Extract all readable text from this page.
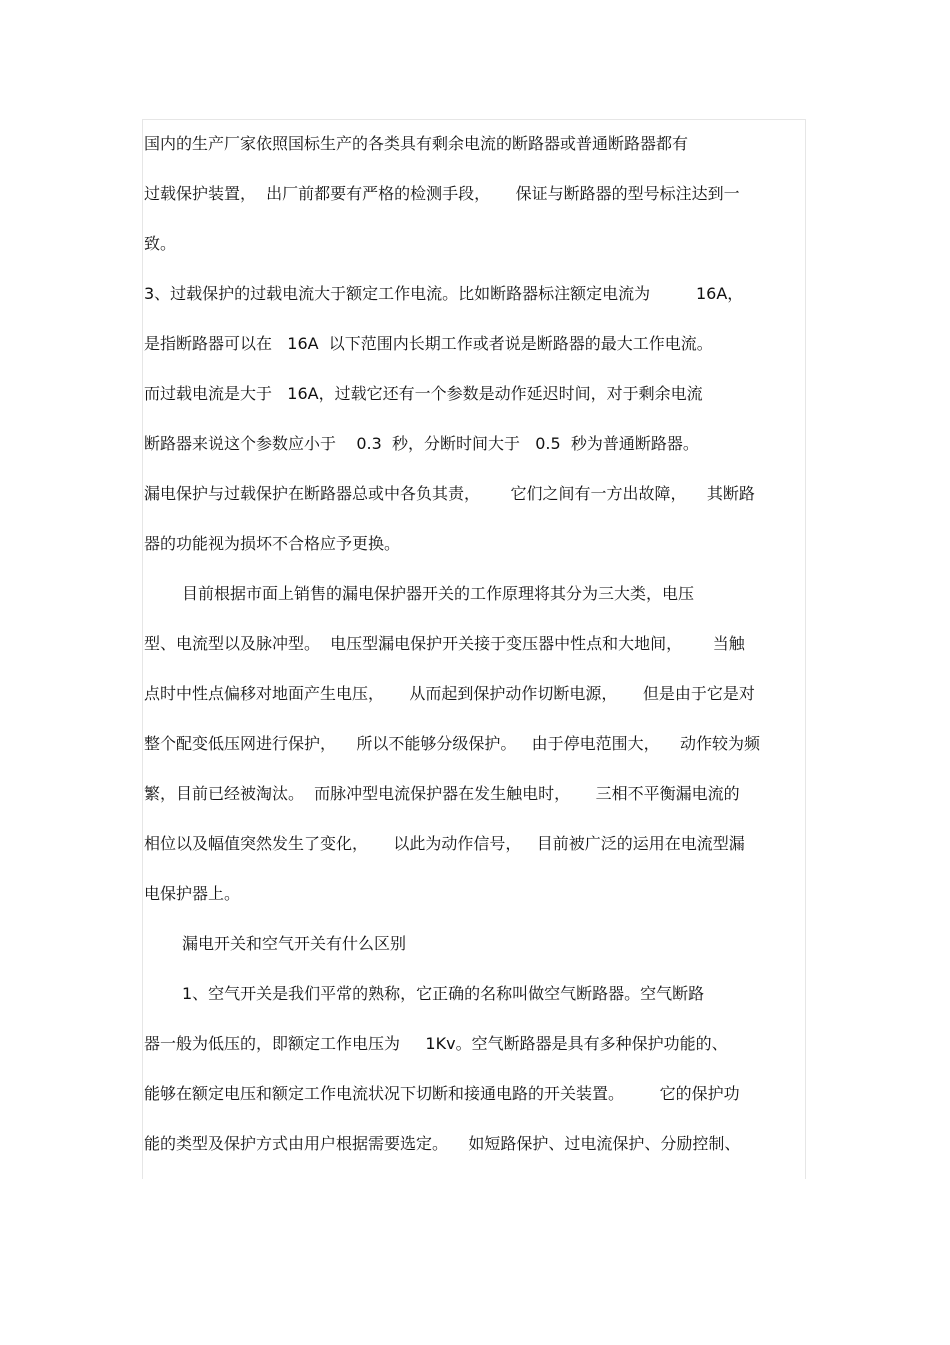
国内的生产厂家依照国标生产的各类具有剩余电流的断路器或普通断路器都有
过载保护装置，  出厂前都要有严格的检测手段，     保证与断路器的型号标注达到一
致。
3、过载保护的过载电流大于额定工作电流。比如断路器标注额定电流为         16A，
是指断路器可以在   16A  以下范围内长期工作或者说是断路器的最大工作电流。
而过载电流是大于   16A，过载它还有一个参数是动作延迟时间，对于剩余电流
断路器来说这个参数应小于    0.3  秒，分断时间大于   0.5  秒为普通断路器。
漏电保护与过载保护在断路器总或中各负其责，      它们之间有一方出故障，    其断路
器的功能视为损坏不合格应予更换。
目前根据市面上销售的漏电保护器开关的工作原理将其分为三大类，电压
型、电流型以及脉冲型。  电压型漏电保护开关接于变压器中性点和大地间，      当触
点时中性点偏移对地面产生电压，     从而起到保护动作切断电源，     但是由于它是对
整个配变低压网进行保护，    所以不能够分级保护。   由于停电范围大，    动作较为频
繁，目前已经被淘汰。  而脉冲型电流保护器在发生触电时，     三相不平衡漏电流的
相位以及幅值突然发生了变化，     以此为动作信号，   目前被广泛的运用在电流型漏
电保护器上。
漏电开关和空气开关有什么区别
1、空气开关是我们平常的熟称，它正确的名称叫做空气断路器。空气断路
器一般为低压的，即额定工作电压为     1Kv。空气断路器是具有多种保护功能的、
能够在额定电压和额定工作电流状况下切断和接通电路的开关装置。       它的保护功
能的类型及保护方式由用户根据需要选定。    如短路保护、过电流保护、分励控制、
